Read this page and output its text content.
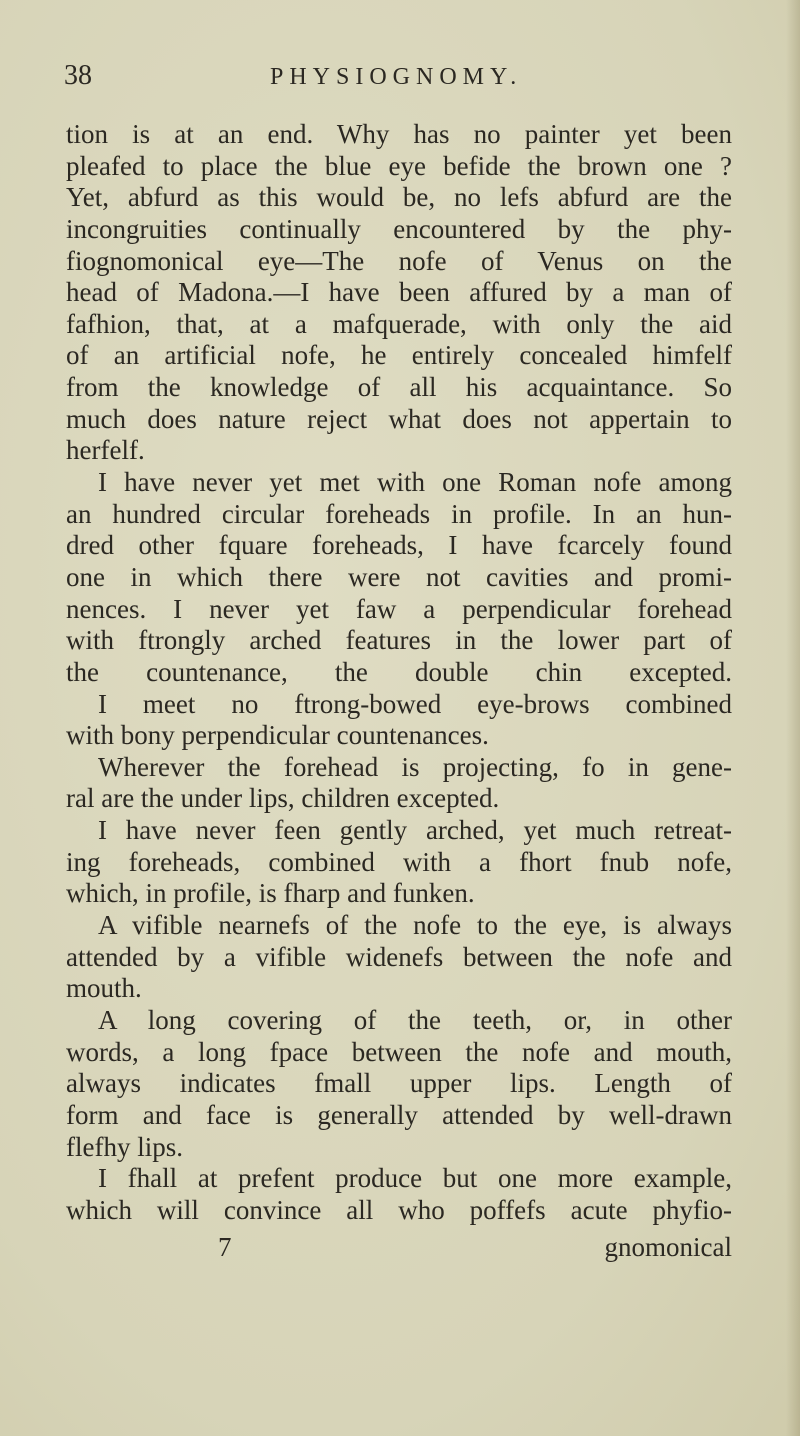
38	PHYSIOGNOMY.
tion is at an end. Why has no painter yet been
pleafed to place the blue eye befide the brown one ?
Yet, abfurd as this would be, no lefs abfurd are the
incongruities continually encountered by the phy-
fiognomonical eye—The nofe of Venus on the
head of Madona.—I have been affured by a man of
fafhion, that, at a mafquerade, with only the aid
of an artificial nofe, he entirely concealed himfelf
from the knowledge of all his acquaintance. So
much does nature reject what does not appertain to
herfelf.
I have never yet met with one Roman nofe among
an hundred circular foreheads in profile. In an hun-
dred other fquare foreheads, I have fcarcely found
one in which there were not cavities and promi-
nences. I never yet faw a perpendicular forehead
with ftrongly arched features in the lower part of
the countenance, the double chin excepted.
I meet no ftrong-bowed eye-brows combined
with bony perpendicular countenances.
Wherever the forehead is projecting, fo in gene-
ral are the under lips, children excepted.
I have never feen gently arched, yet much retreat-
ing foreheads, combined with a fhort fnub nofe,
which, in profile, is fharp and funken.
A vifible nearnefs of the nofe to the eye, is always
attended by a vifible widenefs between the nofe and
mouth.
A long covering of the teeth, or, in other
words, a long fpace between the nofe and mouth,
always indicates fmall upper lips. Length of
form and face is generally attended by well-drawn
flefhy lips.
I fhall at prefent produce but one more example,
which will convince all who poffefs acute phyfio-
7	gnomonical
